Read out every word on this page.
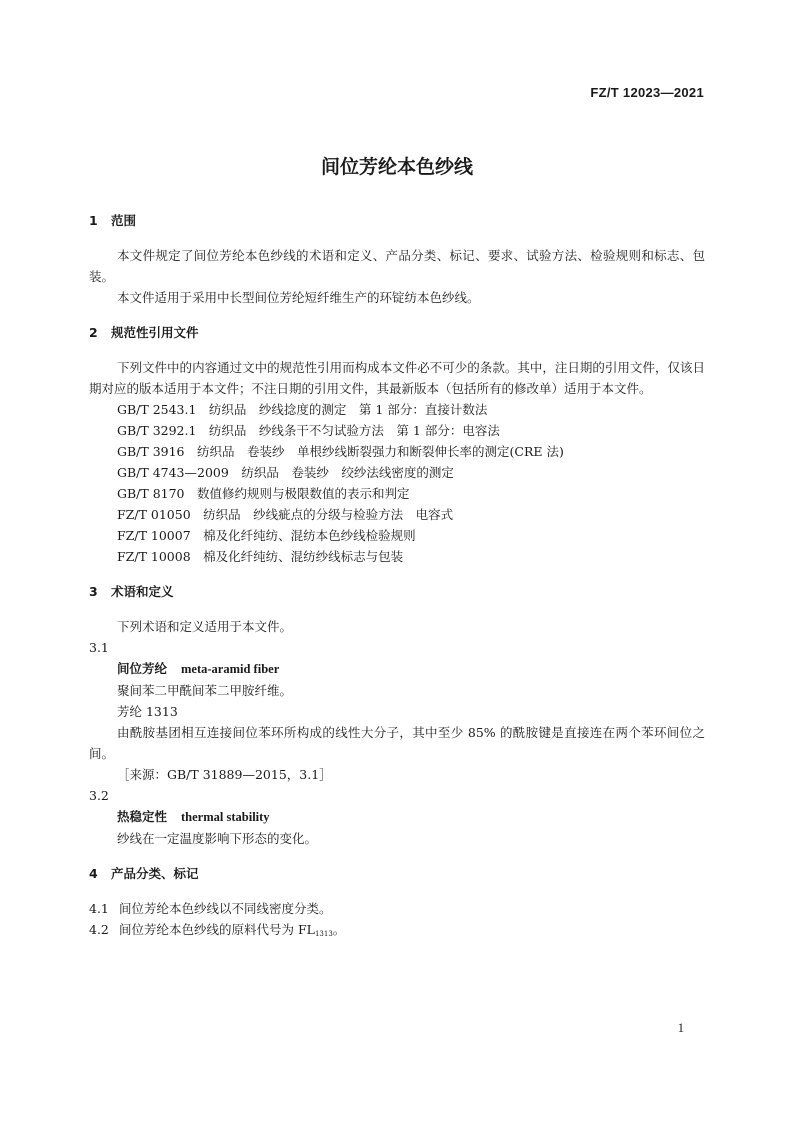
FZ/T 12023—2021
间位芳纶本色纱线
1 范围

本文件规定了间位芳纶本色纱线的术语和定义、产品分类、标记、要求、试验方法、检验规则和标志、包装。

本文件适用于采用中长型间位芳纶短纤维生产的环锭纺本色纱线。

2 规范性引用文件

下列文件中的内容通过文中的规范性引用而构成本文件必不可少的条款。其中，注日期的引用文件，仅该日期对应的版本适用于本文件；不注日期的引用文件，其最新版本（包括所有的修改单）适用于本文件。

GB/T 2543.1　纺织品　纱线捻度的测定　第 1 部分：直接计数法

GB/T 3292.1　纺织品　纱线条干不匀试验方法　第 1 部分：电容法

GB/T 3916　纺织品　卷装纱　单根纱线断裂强力和断裂伸长率的测定(CRE 法)

GB/T 4743—2009　纺织品　卷装纱　绞纱法线密度的测定

GB/T 8170　数值修约规则与极限数值的表示和判定

FZ/T 01050　纺织品　纱线疵点的分级与检验方法　电容式

FZ/T 10007　棉及化纤纯纺、混纺本色纱线检验规则

FZ/T 10008　棉及化纤纯纺、混纺纱线标志与包装

3 术语和定义

下列术语和定义适用于本文件。

3.1

间位芳纶 meta-aramid fiber

聚间苯二甲酰间苯二甲胺纤维。

芳纶 1313

由酰胺基团相互连接间位苯环所构成的线性大分子，其中至少 85% 的酰胺键是直接连在两个苯环间位之间。

［来源：GB/T 31889—2015，3.1］

3.2

热稳定性 thermal stability

纱线在一定温度影响下形态的变化。

4 产品分类、标记

4.1 间位芳纶本色纱线以不同线密度分类。

4.2 间位芳纶本色纱线的原料代号为 $FL_{1313}$。

1
